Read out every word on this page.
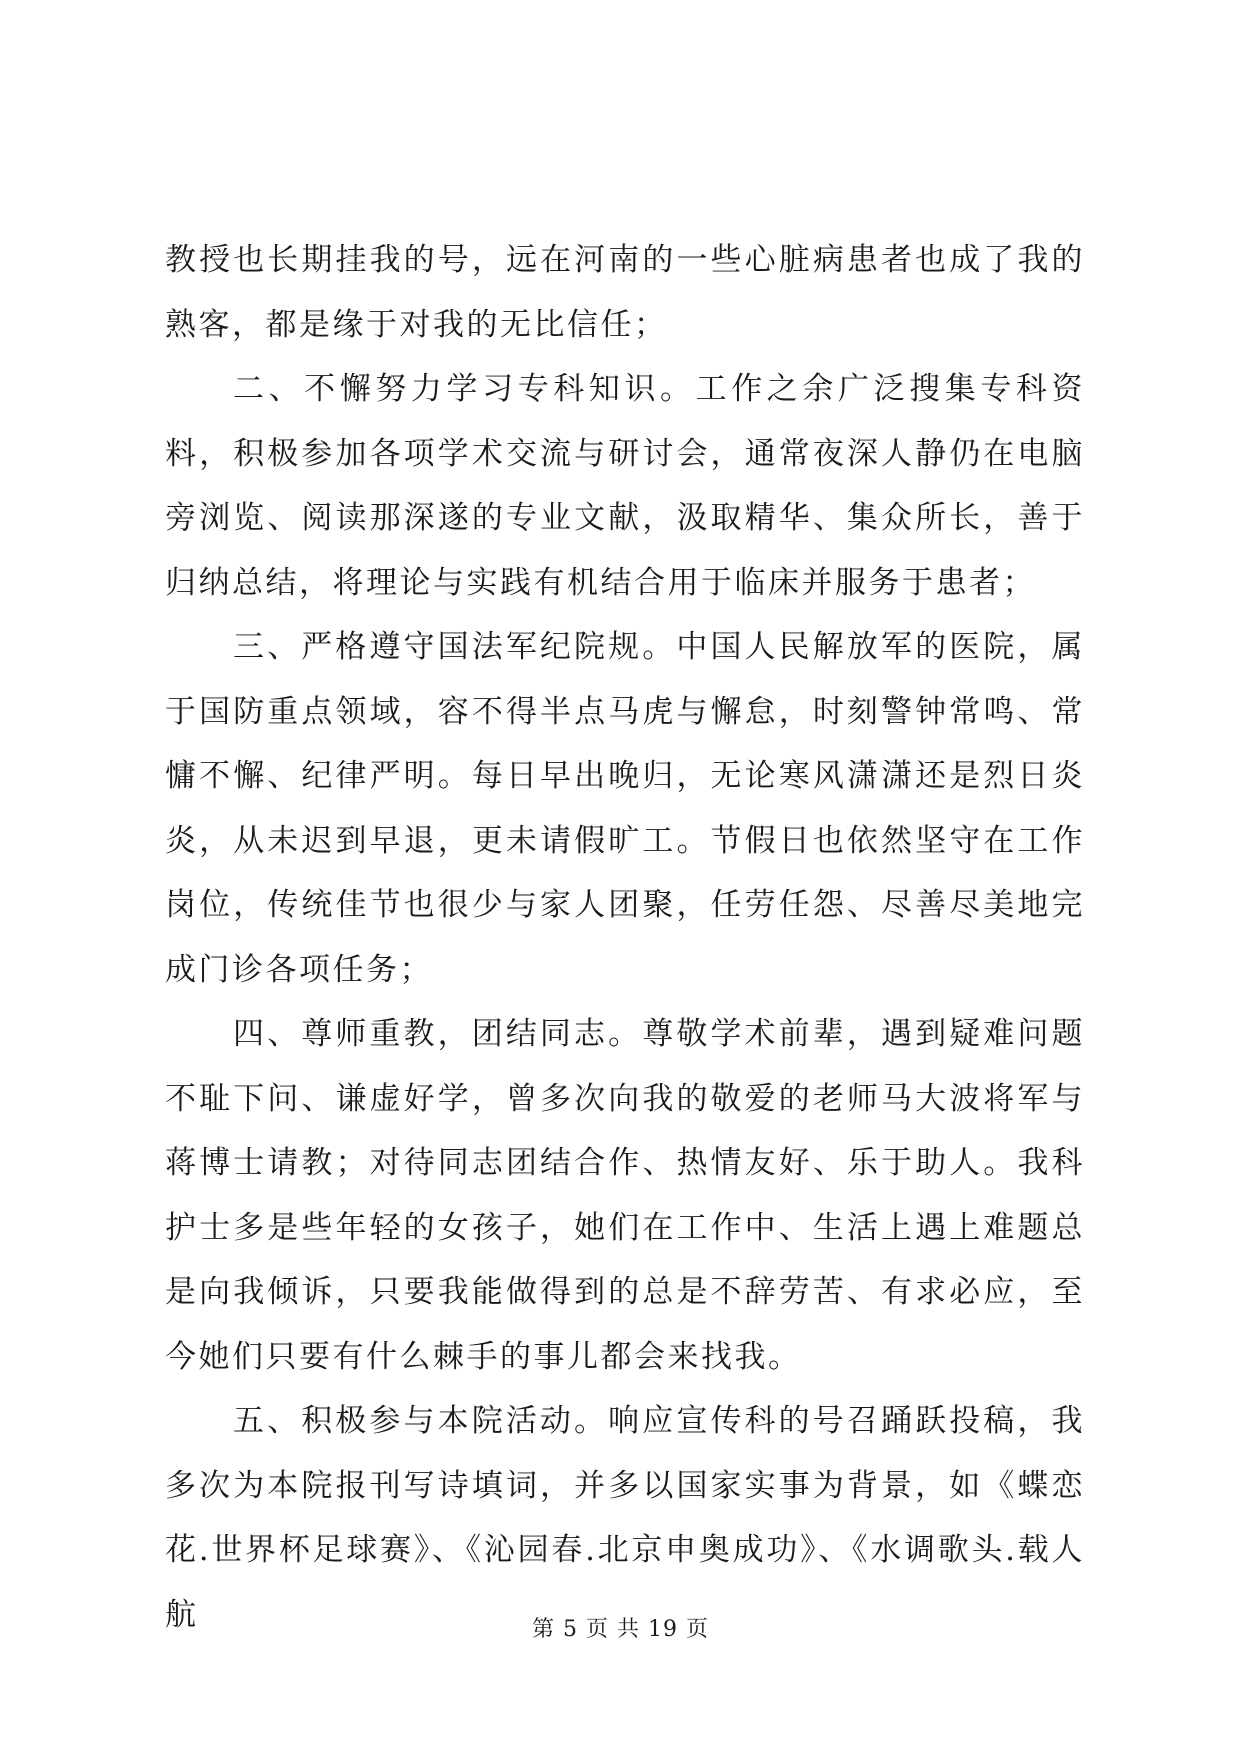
教授也长期挂我的号，远在河南的一些心脏病患者也成了我的熟客，都是缘于对我的无比信任；

二、不懈努力学习专科知识。工作之余广泛搜集专科资料，积极参加各项学术交流与研讨会，通常夜深人静仍在电脑旁浏览、阅读那深遂的专业文献，汲取精华、集众所长，善于归纳总结，将理论与实践有机结合用于临床并服务于患者；

三、严格遵守国法军纪院规。中国人民解放军的医院，属于国防重点领域，容不得半点马虎与懈怠，时刻警钟常鸣、常慵不懈、纪律严明。每日早出晚归，无论寒风潇潇还是烈日炎炎，从未迟到早退，更未请假旷工。节假日也依然坚守在工作岗位，传统佳节也很少与家人团聚，任劳任怨、尽善尽美地完成门诊各项任务；

四、尊师重教，团结同志。尊敬学术前辈，遇到疑难问题不耻下问、谦虚好学，曾多次向我的敬爱的老师马大波将军与蒋博士请教；对待同志团结合作、热情友好、乐于助人。我科护士多是些年轻的女孩子，她们在工作中、生活上遇上难题总是向我倾诉，只要我能做得到的总是不辞劳苦、有求必应，至今她们只要有什么棘手的事儿都会来找我。

五、积极参与本院活动。响应宣传科的号召踊跃投稿，我多次为本院报刊写诗填词，并多以国家实事为背景，如《蝶恋花.世界杯足球赛》、《沁园春.北京申奥成功》、《水调歌头.载人航	第 5 页 共 19 页
